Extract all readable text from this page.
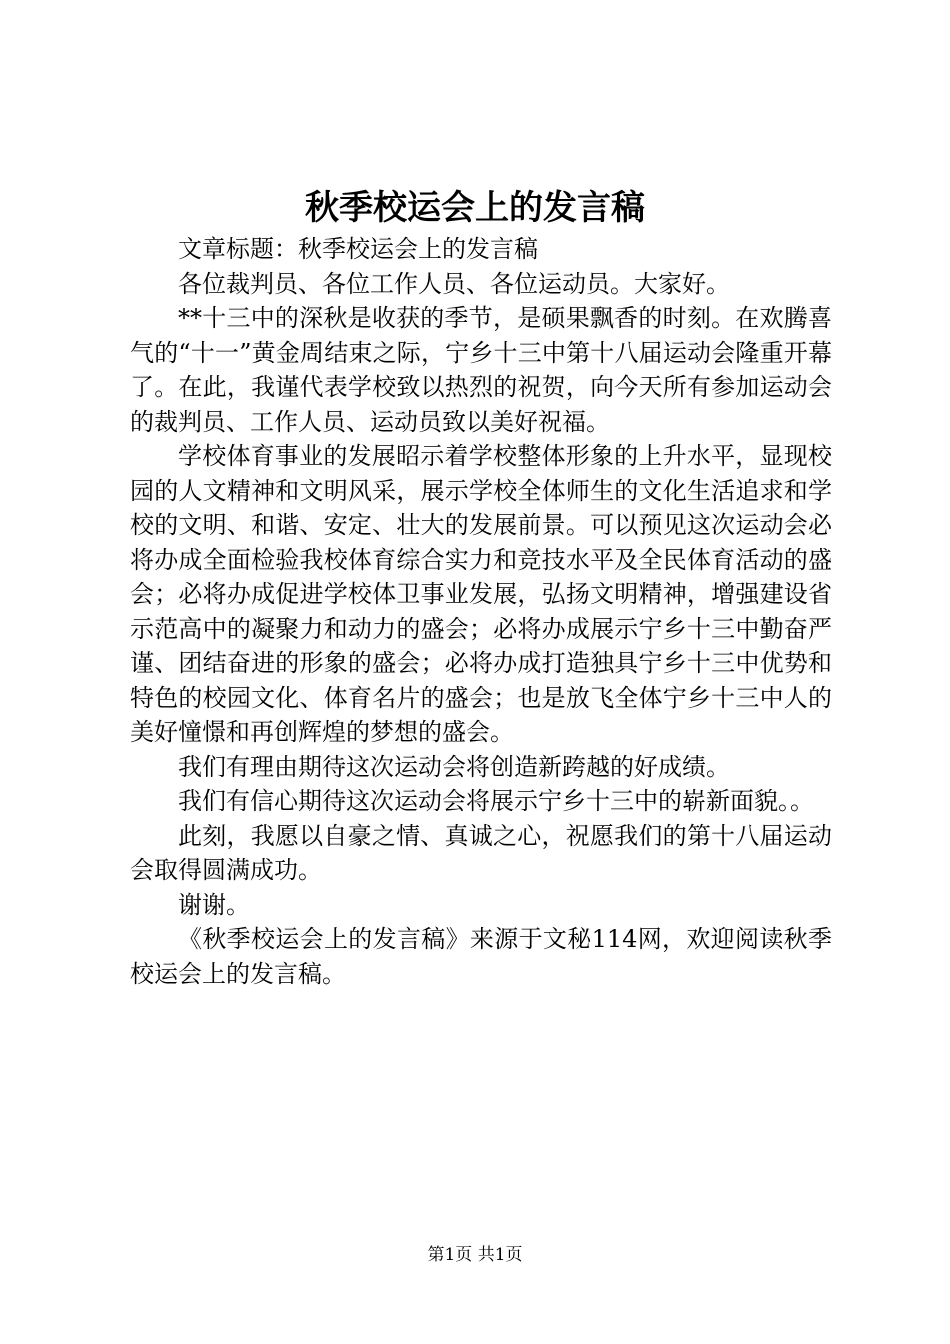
秋季校运会上的发言稿

文章标题：秋季校运会上的发言稿

各位裁判员、各位工作人员、各位运动员。大家好。

**十三中的深秋是收获的季节，是硕果飘香的时刻。在欢腾喜气的“十一”黄金周结束之际，宁乡十三中第十八届运动会隆重开幕了。在此，我谨代表学校致以热烈的祝贺，向今天所有参加运动会的裁判员、工作人员、运动员致以美好祝福。

学校体育事业的发展昭示着学校整体形象的上升水平，显现校园的人文精神和文明风采，展示学校全体师生的文化生活追求和学校的文明、和谐、安定、壮大的发展前景。可以预见这次运动会必将办成全面检验我校体育综合实力和竞技水平及全民体育活动的盛会；必将办成促进学校体卫事业发展，弘扬文明精神，增强建设省示范高中的凝聚力和动力的盛会；必将办成展示宁乡十三中勤奋严谨、团结奋进的形象的盛会；必将办成打造独具宁乡十三中优势和特色的校园文化、体育名片的盛会；也是放飞全体宁乡十三中人的美好憧憬和再创辉煌的梦想的盛会。

我们有理由期待这次运动会将创造新跨越的好成绩。

我们有信心期待这次运动会将展示宁乡十三中的崭新面貌。。

此刻，我愿以自豪之情、真诚之心，祝愿我们的第十八届运动会取得圆满成功。

谢谢。

《秋季校运会上的发言稿》来源于文秘114网，欢迎阅读秋季校运会上的发言稿。

第1页 共1页
